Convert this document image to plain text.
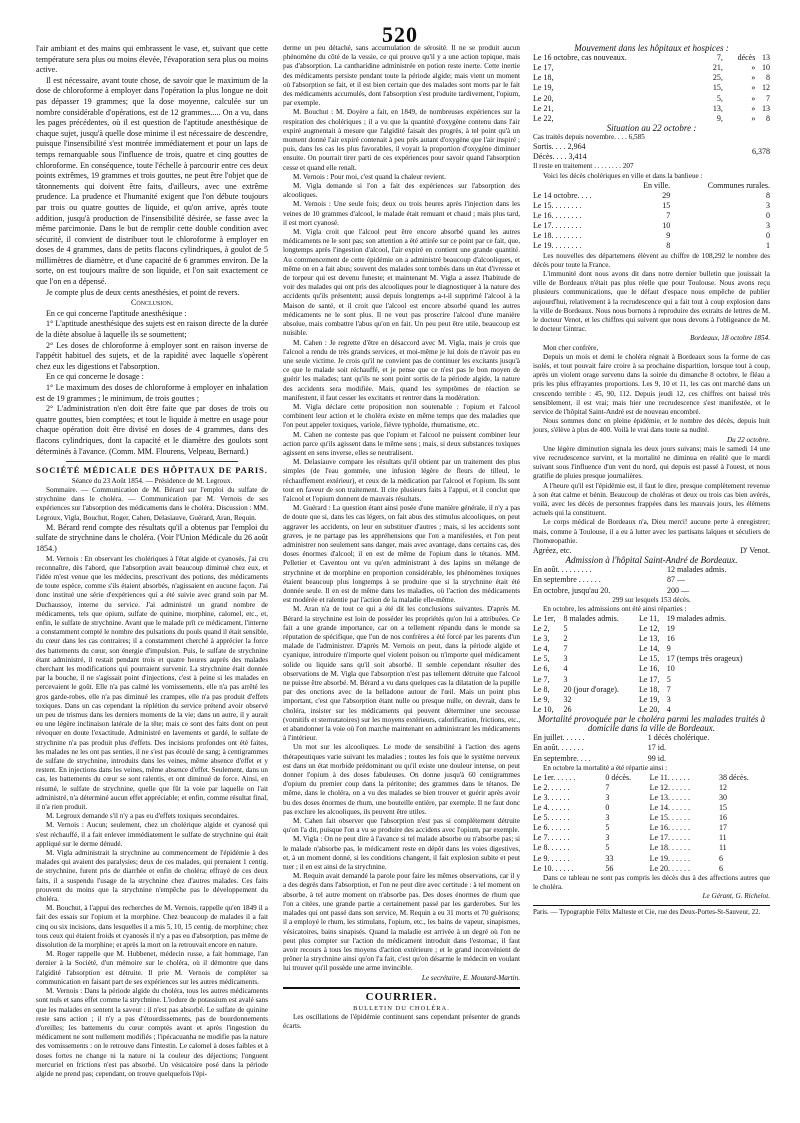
520

l'air ambiant et des mains qui embrassent le vase, et, suivant que cette température sera plus ou moins élevée, l'évaporation sera plus ou moins active.

Il est nécessaire, avant toute chose, de savoir que le maximum de la dose de chloroforme à employer dans l'opération la plus longue ne doit pas dépasser 19 grammes; que la dose moyenne, calculée sur un nombre considérable d'opérations, est de 12 grammes..... On a vu, dans les pages précédentes, où il est question de l'aptitude anesthésique de chaque sujet, jusqu'à quelle dose minime il est nécessaire de descendre, puisque l'insensibilité s'est montrée immédiatement et pour un laps de temps remarquable sous l'influence de trois, quatre et cinq gouttes de chloroforme. En conséquence, toute l'échelle à parcourir entre ces deux points extrêmes, 19 grammes et trois gouttes, ne peut être l'objet que de tâtonnements qui doivent être faits, d'ailleurs, avec une extrême prudence. La prudence et l'humanité exigent que l'on débute toujours par trois ou quatre gouttes de liquide, et qu'on arrive, après toute addition, jusqu'à production de l'insensibilité désirée, se fasse avec la même parcimonie. Dans le but de remplir cette double condition avec sécurité, il convient de distribuer tout le chloroforme à employer en doses de 4 grammes, dans de petits flacons cylindriques, à goulot de 5 millimètres de diamètre, et d'une capacité de 6 grammes environ. De la sorte, on est toujours maître de son liquide, et l'on sait exactement ce que l'on en a dépensé.

Je compte plus de deux cents anesthésies, et point de revers.

Conclusion.

En ce qui concerne l'aptitude anesthésique :

1° L'aptitude anesthésique des sujets est en raison directe de la durée de la diète absolue à laquelle ils se soumettent;

2° Les doses de chloroforme à employer sont en raison inverse de l'appétit habituel des sujets, et de la rapidité avec laquelle s'opèrent chez eux les digestions et l'absorption.

En ce qui concerne le dosage :

1° Le maximum des doses de chloroforme à employer en inhalation est de 19 grammes ; le minimum, de trois gouttes ;

2° L'administration n'en doit être faite que par doses de trois ou quatre gouttes, bien comptées; et tout le liquide à mettre en usage pour chaque opération doit être divisé en doses de 4 grammes, dans des flacons cylindriques, dont la capacité et le diamètre des goulots sont déterminés à l'avance. (Comm. MM. Flourens, Velpeau, Bernard.)

SOCIÉTÉ MÉDICALE DES HÔPITAUX DE PARIS.
Séance du 23 Août 1854. — Présidence de M. Legroux.

Sommaire. — Communication de M. Bérard sur l'emploi du sulfate de strychnine dans le choléra. — Communication par M. Vernois de ses expériences sur l'absorption des médicaments dans le choléra. Discussion : MM. Legroux, Vigla, Bouchut, Roger, Cahen, Delasiauve, Guérard, Aran, Requin.

M. Bérard rend compte des résultats qu'il a obtenus par l'emploi du sulfate de strychnine dans le choléra. (Voir l'Union Médicale du 26 août 1854.)

M. Vernois : En observant les cholériques à l'état algide et cyanosés, j'ai cru reconnaître, dès l'abord, que l'absorption avait beaucoup diminué chez eux, et l'idée m'est venue que les médecins, prescrivant des potions, des médicaments de toute espèce, comme s'ils étaient absorbés, n'agissaient en aucune façon. J'ai donc institué une série d'expériences qui a été suivie avec grand soin par M. Duchaussoy, interne du service. J'ai administré un grand nombre de médicaments, tels que opium, sulfate de quinine, morphine, calomel, etc., et, enfin, le sulfate de strychnine. Avant que le malade prît ce médicament, l'interne a constamment compté le nombre des pulsations du pouls quand il était sensible, du cœur dans les cas contraires; il a constamment cherché à apprécier la force des battements du cœur, son énergie d'impulsion. Puis, le sulfate de strychnine étant administré, il restait pendant trois et quatre heures auprès des malades cherchant les modifications qui pourraient survenir. La strychnine était donnée par la bouche, il ne s'agissait point d'injections, c'est à peine si les malades en percevaient le goût. Elle n'a pas calmé les vomissements, elle n'a pas arrêté les gros garde-robes, elle n'a pas diminué les crampes, elle n'a pas produit d'effets toxiques. Dans un cas cependant la réplétion du service prétend avoir observé un peu de trismus dans les derniers moments de la vie; dans un autre, il y aurait eu une légère inclinaison latérale de la tête; mais ce sont des faits dont on peut révoquer en doute l'exactitude. Administré en lavements et gardé, le sulfate de strychnine n'a pas produit plus d'effets. Des incisions profondes ont été faites, les malades ne les ont pas senties, il ne s'est pas écoulé de sang; à centigrammes de sulfate de strychnine, introduits dans les veines, même absence d'effet et y restent. En injections dans les veines, même absence d'effet. Seulement, dans un cas, les battements du cœur se sont ralentis, et ont diminué de force. Ainsi, en résumé, le sulfate de strychnine, quelle que fût la voie par laquelle on l'ait administré, n'a déterminé aucun effet appréciable; et enfin, comme résultat final, il n'a rien produit.

M. Legroux demande s'il n'y a pas eu d'effets toxiques secondaires.

M. Vernois : Aucun; seulement, chez un cholérique algide et cyanosé qui s'est réchauffé, il a fait enlever immédiatement le sulfate de strychnine qui était appliqué sur le derme dénudé.

M. Vigla administrait la strychnine au commencement de l'épidémie à des malades qui avaient des paralysies; deux de ces malades, qui prenaient 1 centig. de strychnine, furent pris de diarrhée et enfin de choléra; effrayé de ces deux faits, il a suspendu l'usage de la strychnine chez d'autres malades. Ces faits prouvent du moins que la strychnine n'empêche pas le développement du choléra.

M. Bouchut, à l'appui des recherches de M. Vernois, rappelle qu'en 1849 il a fait des essais sur l'opium et la morphine. Chez beaucoup de malades il a fait cinq ou six incisions, dans lesquelles il a mis 5, 10, 15 centig. de morphine; chez tous ceux qui étaient froids et cyanosés il n'y a pas eu d'absorption, pas même de dissolution de la morphine; et après la mort on la retrouvait encore en nature.

M. Roger rappelle que M. Hubbenet, médecin russe, a fait hommage, l'an dernier à la Société, d'un mémoire sur le choléra, où il démontre que dans l'algidité l'absorption est détruite. Il prie M. Vernois de compléter sa communication en faisant part de ses expériences sur les autres médicaments.

M. Vernois : Dans la période algide du choléra, tous les autres médicaments sont nuls et sans effet comme la strychnine. L'iodure de potassium est avalé sans que les malades en sentent la saveur : il n'est pas absorbé. Le sulfate de quinine reste sans action ; il n'y a pas d'étourdissements, pas de bourdonnements d'oreilles; les battements du cœur comptés avant et après l'ingestion du médicament ne sont nullement modifiés ; l'ipécacuanha ne modifie pas la nature des vomissements : on le retrouve dans l'intestin. Le calomel à doses faibles et à doses fortes ne change ni la nature ni la couleur des déjections; l'onguent mercuriel en frictions n'est pas absorbé. Un vésicatoire posé dans la période algide ne prend pas; cependant, on trouve quelquefois l'épi-

derme un peu détaché, sans accumulation de sérosité. Il ne se produit aucun phénomène du côté de la vessie, ce qui prouve qu'il y a une action topique, mais pas d'absorption. La cantharidine administrée en potion reste inerte. Cette inertie des médicaments persiste pendant toute la période algide; mais vient un moment où l'absorption se fait, et il est bien certain que des malades sont morts par le fait des médicaments accumulés, dont l'absorption s'est produite tardivement, l'opium, par exemple.

M. Bouchut : M. Doyère a fait, en 1849, de nombreuses expériences sur la respiration des cholériques ; il a vu que la quantité d'oxygène contenu dans l'air expiré augmentait à mesure que l'algidité faisait des progrès, à tel point qu'à un moment donné l'air expiré contenait à peu près autant d'oxygène que l'air inspiré ; puis, dans les cas les plus favorables, il voyait la proportion d'oxygène diminuer ensuite. On pourrait tirer parti de ces expériences pour savoir quand l'absorption cesse et quand elle renaît.

M. Vernois : Pour moi, c'est quand la chaleur revient.

M. Vigla demande si l'on a fait des expériences sur l'absorption des alcooliques.

M. Vernois : Une seule fois; deux ou trois heures après l'injection dans les veines de 10 grammes d'alcool, le malade était remuant et chaud ; mais plus tard, il est mort cyanosé.

M. Vigla croit que l'alcool peut être encore absorbé quand les autres médicaments ne le sont pas; son attention a été attirée sur ce point par ce fait, que, longtemps après l'ingestion d'alcool, l'air expiré en contient une grande quantité. Au commencement de cette épidémie on a administré beaucoup d'alcooliques, et même on en a fait abus; souvent des malades sont tombés dans un état d'ivresse et de torpeur qui est devenu funeste; et maintenant M. Vigla a assez l'habitude de voir des malades qui ont pris des alcooliques pour le diagnostiquer à la nature des accidents qu'ils présentent; aussi depuis longtemps a-t-il supprimé l'alcool à la Maison de santé, et il croit que l'alcool est encore absorbé quand les autres médicaments ne le sont plus. Il ne veut pas proscrire l'alcool d'une manière absolue, mais combattre l'abus qu'on en fait. Un peu peut être utile, beaucoup est nuisible.

M. Cahen : Je regrette d'être en désaccord avec M. Vigla, mais je crois que l'alcool a rendu de très grands services, et moi-même je lui dois de n'avoir pas eu une seule victime. Je crois qu'il ne convient pas de continuer les excitants jusqu'à ce que le malade soit réchauffé, et je pense que ce n'est pas le bon moyen de guérir les malades; tant qu'ils ne sont point sortis de la période algide, la nature des accidents sera modifiée. Mais, quand les symptômes de réaction se manifestent, il faut cesser les excitants et rentrer dans la modération.

M. Vigla déclare cette proposition non soutenable : l'opium et l'alcool combinent leur action et le choléra existe en même temps que des maladies que l'on peut appeler toxiques, variole, fièvre typhoïde, rhumatisme, etc.

M. Cahen ne conteste pas que l'opium et l'alcool ne puissent combiner leur action parce qu'ils agissent dans le même sens ; mais, si deux substances toxiques agissent en sens inverse, elles se neutralisent.

M. Delasiauve compare les résultats qu'il obtient par un traitement des plus simples (de l'eau gommée, une infusion légère de fleurs de tilleul, le réchauffement extérieur), et ceux de la médication par l'alcool et l'opium. Ils sont tout en faveur de son traitement. Il cite plusieurs faits à l'appui, et il conclut que l'alcool et l'opium donnent de mauvais résultats.

M. Guérard : La question étant ainsi posée d'une manière générale, il n'y a pas de doute que si, dans les cas légers, on fait abus des stimulus alcooliques, on peut aggraver les accidents, on leur en substituer d'autres ; mais, si les accidents sont graves, je ne partage pas les appréhensions que l'on a manifestées, et l'on peut administrer non seulement sans danger, mais avec avantage, dans certains cas, des doses énormes d'alcool; il en est de même de l'opium dans le tétanos. MM. Pelletier et Caventou ont vu qu'en administrant à des lapins un mélange de strychnine et de morphine en proportion considérable, les phénomènes toxiques étaient beaucoup plus longtemps à se produire que si la strychnine était été donnée seule. Il en est de même dans les maladies, où l'action des médicaments est modérée et ralentie par l'action de la maladie elle-même.

M. Aran n'a de tout ce qui a été dit les conclusions suivantes. D'après M. Bérard la strychnine est loin de posséder les propriétés qu'on lui a attribuées. Ce fait a une grande importance, car on a tellement répandu dans le monde sa réputation de spécifique, que l'un de nos confrères a été forcé par les parents d'un malade de l'administrer. D'après M. Vernois on peut, dans la période algide et cyanique, introduire n'importe quel violent poison ou n'importe quel médicament solide ou liquide sans qu'il soit absorbé. Il semble cependant résulter des observations de M. Vigla que l'absorption n'est pas tellement détruite que l'alcool ne puisse être absorbé. M. Bérard a vu dans quelques cas la dilatation de la pupille par des onctions avec de la belladone autour de l'œil. Mais un point plus important, c'est que l'absorption étant nulle ou presque nulle, on devrait, dans le choléra, insister sur les médicaments qui peuvent déterminer une secousse (vomitifs et sternutatoires) sur les moyens extérieurs, calorification, frictions, etc., et abandonner la voie où l'on marche maintenant en administrant les médicaments à l'intérieur.

Un mot sur les alcooliques. Le mode de sensibilité à l'action des agens thérapeutiques varie suivant les maladies ; toutes les fois que le système nerveux est dans un état morbide prédominant ou qu'il existe une douleur intense, on peut donner l'opium à des doses fabuleuses. On donne jusqu'à 60 centigrammes d'opium du premier coup dans la péritonite; des grammes dans le tétanos. De même, dans le choléra, on a vu des malades se bien trouver et guérir après avoir bu des doses énormes de rhum, une bouteille entière, par exemple. Il ne faut donc pas exclure les alcooliques, ils peuvent être utiles.

M. Cahen fait observer que l'absorption n'est pas si complètement détruite qu'on l'a dit, puisque l'on a vu se produire des accidens avec l'opium, par exemple.

M. Vigla : On ne peut dire à l'avance si tel malade absorbe ou n'absorbe pas; si le malade n'absorbe pas, le médicament reste en dépôt dans les voies digestives, et, à un moment donné, si les conditions changent, il fait explosion subite et peut tuer ; il en est ainsi de la strychnine.

M. Requin avait demandé la parole pour faire les mêmes observations, car il y a des degrés dans l'absorption, et l'on ne peut dire avec certitude : à tel moment on absorbe, à tel autre moment on n'absorbe pas. Des doses énormes de rhum que l'on a citées, une grande partie a certainement passé par les garderobes. Sur les malades qui ont passé dans son service, M. Requin a eu 31 morts et 70 guérisons; il a employé le rhum, les stimulans, l'opium, etc., les bains de vapeur, sinapismes, vésicatoires, bains sinapisés. Quand la maladie est arrivée à un degré où l'on ne peut plus compter sur l'action du médicament introduit dans l'estomac, il faut avoir recours à tous les moyens d'action extérieure ; et le grand inconvénient de prôner la strychnine ainsi qu'on l'a fait, c'est qu'on désarme le médecin en voulant lui trouver qu'il possède une arme invincible.

Le secrétaire, E. Moutard-Martin.

COURRIER.
BULLETIN DU CHOLÉRA.

Les oscillations de l'épidémie continuent sans cependant présenter de grands écarts.

Mouvement dans les hôpitaux et hospices :
Le 16 octobre, cas nouveaux.	7,	décès	13
Le 17,	21,	»	10
Le 18,	25,	»	8
Le 19,	15,	»	12
Le 20,	5,	»	7
Le 21,	13,	»	13
Le 22,	9,	»	8
Situation au 22 octobre :
Cas traités depuis novembre. . . . 6,585
Sortis. . . . 2,964	6,378
Décès. . . . 3,414
Il reste en traitement . . . . . . . . 207

Voici les décès cholériques en ville et dans la banlieue :

	En ville.	Communes rurales.
Le 14 octobre. . . .	29	8
Le 15. . . . . . . .	15	3
Le 16. . . . . . . .	7	0
Le 17. . . . . . . .	10	3
Le 18. . . . . . . .	9	0
Le 19. . . . . . . .	8	1

Les nouvelles des départemens élèvent au chiffre de 108,292 le nombre des décès pour toute la France.

L'immunité dont nous avons dit dans notre dernier bulletin que jouissait la ville de Bordeaux n'était pas plus réelle que pour Toulouse. Nous avons reçu plusieurs communications, que le défaut d'espace nous empêche de publier aujourd'hui, relativement à la recrudescence qui a fait tout à coup explosion dans la ville de Bordeaux. Nous nous bornons à reproduire des extraits de lettres de M. le docteur Venot, et les chiffres qui suivent que nous devons à l'obligeance de M. le docteur Gintrac.

Bordeaux, 18 octobre 1854.

Mon cher confrère,

Depuis un mois et demi le choléra régnait à Bordeaux sous la forme de cas isolés, et tout pouvait faire croire à sa prochaine disparition, lorsque tout à coup, après un violent orage survenu dans la soirée du dimanche 8 octobre, le fléau a pris les plus effrayantes proportions. Les 9, 10 et 11, les cas ont marché dans un crescendo terrible : 45, 90, 112. Depuis jeudi 12, ces chiffres ont baissé très sensiblement, il est vrai; mais hier une recrudescence s'est manifestée, et le service de l'hôpital Saint-André est de nouveau encombré.

Nous sommes donc en pleine épidémie, et le nombre des décès, depuis huit jours, s'élève à plus de 400. Voilà le vrai dans toute sa nudité.

Du 22 octobre.

Une légère diminution signala les deux jours suivans; mais le samedi 14 une vive recrudescence survint, et la mortalité ne diminua en réalité que le mardi suivant sous l'influence d'un vent du nord, qui depuis est passé à l'ouest, et nous gratifie de pluies presque journalières.

A l'heure qu'il est l'épidémie est, il faut le dire, presque complètement revenue à son état calme et bénin. Beaucoup de choléras et deux ou trois cas bien avérés, voilà, avec les décès de personnes frappées dans les mauvais jours, les élémens actuels qui la constituent.

Le corps médical de Bordeaux n'a, Dieu merci! aucune perte à enregistrer; mais, comme à Toulouse, il a eu à lutter avec les partisans laïques et séculiers de l'homœopathie.

Agréez, etc.	D' Venot.
Admission à l'hôpital Saint-André de Bordeaux.
En août. . . . . . . . .	12 malades admis.
En septembre . . . . . .	87 —
En octobre, jusqu'au 20.	200 —
299 sur lesquels 153 décès.

En octobre, les admissions ont été ainsi réparties :

Le 1er,	8 malades admis.	Le 11,	19 malades admis.
Le 2,	5	Le 12,	19
Le 3,	2	Le 13,	16
Le 4,	7	Le 14,	9
Le 5,	3	Le 15,	17 (temps très orageux)
Le 6,	4	Le 16,	10
Le 7,	3	Le 17,	5
Le 8,	20 (jour d'orage).	Le 18,	7
Le 9,	32	Le 19,	3
Le 10,	26	Le 20,	4
Mortalité provoquée par le choléra parmi les malades traités à domicile dans la ville de Bordeaux.
En juillet. . . . . .	1 décès cholérique.
En août. . . . . . .	17 id.
En septembre. . . .	99 id.

En octobre la mortalité a été répartie ainsi :

Le 1er. . . . . .	0 décès.	Le 11. . . . . .	38 décès.
Le 2. . . . . .	7	Le 12. . . . . .	12
Le 3. . . . . .	3	Le 13. . . . . .	30
Le 4. . . . . .	0	Le 14. . . . . .	15
Le 5. . . . . .	3	Le 15. . . . . .	16
Le 6. . . . . .	5	Le 16. . . . . .	17
Le 7. . . . . .	3	Le 17. . . . . .	11
Le 8. . . . . .	5	Le 18. . . . . .	11
Le 9. . . . . .	33	Le 19. . . . . .	6
Le 10. . . . . .	56	Le 20. . . . . .	6

Dans ce tableau ne sont pas compris les décès dus à des affections autres que le choléra.

Le Gérant, G. Richelot.
Paris. — Typographie Félix Malteste et Cie, rue des Deux-Portes-St-Sauveur, 22.
